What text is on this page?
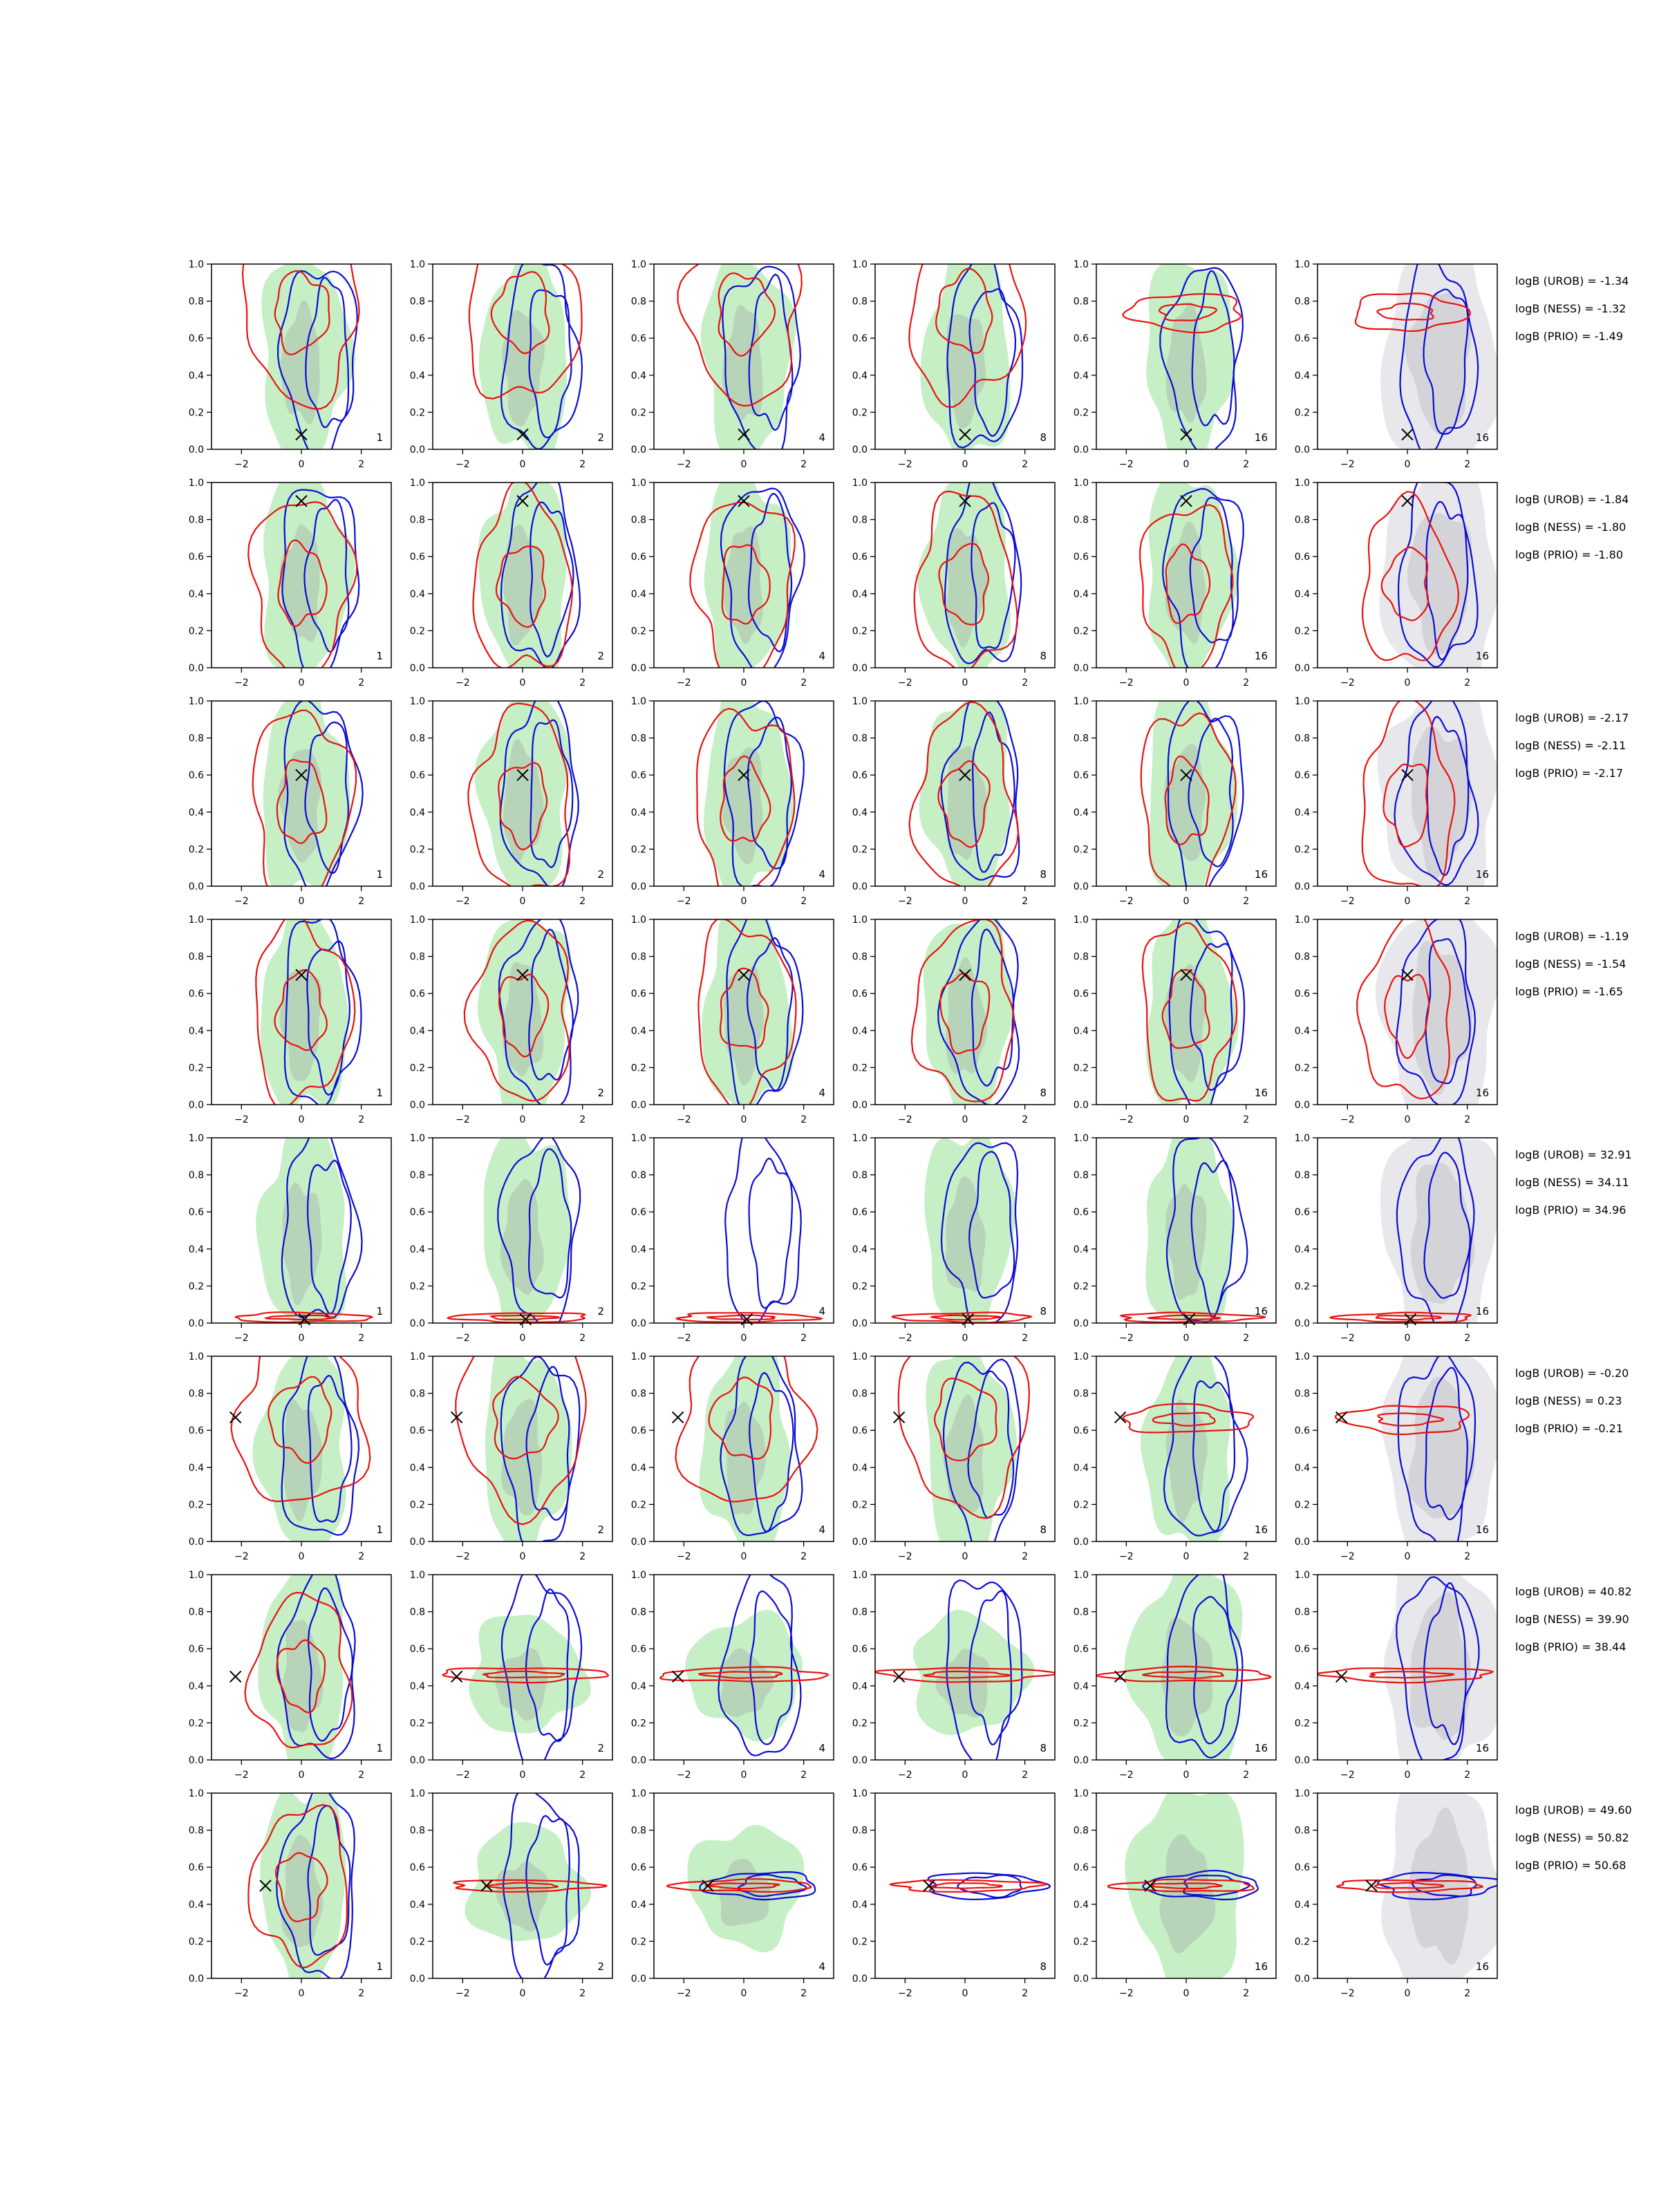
−2	0	2
0.0
0.2
0.4
0.6
0.8
1.0
1
−2	0	2
0.0
0.2
0.4
0.6
0.8
1.0
2
−2	0	2
0.0
0.2
0.4
0.6
0.8
1.0
4
−2	0	2
0.0
0.2
0.4
0.6
0.8
1.0
8
−2	0	2
0.0
0.2
0.4
0.6
0.8
1.0
16
−2	0	2
0.0
0.2
0.4
0.6
0.8
1.0
16
logB (UROB) = -1.34
logB (NESS) = -1.32
logB (PRIO) = -1.49
−2	0	2
0.0
0.2
0.4
0.6
0.8
1.0
1
−2	0	2
0.0
0.2
0.4
0.6
0.8
1.0
2
−2	0	2
0.0
0.2
0.4
0.6
0.8
1.0
4
−2	0	2
0.0
0.2
0.4
0.6
0.8
1.0
8
−2	0	2
0.0
0.2
0.4
0.6
0.8
1.0
16
−2	0	2
0.0
0.2
0.4
0.6
0.8
1.0
16
logB (UROB) = -1.84
logB (NESS) = -1.80
logB (PRIO) = -1.80
−2	0	2
0.0
0.2
0.4
0.6
0.8
1.0
1
−2	0	2
0.0
0.2
0.4
0.6
0.8
1.0
2
−2	0	2
0.0
0.2
0.4
0.6
0.8
1.0
4
−2	0	2
0.0
0.2
0.4
0.6
0.8
1.0
8
−2	0	2
0.0
0.2
0.4
0.6
0.8
1.0
16
−2	0	2
0.0
0.2
0.4
0.6
0.8
1.0
16
logB (UROB) = -2.17
logB (NESS) = -2.11
logB (PRIO) = -2.17
−2	0	2
0.0
0.2
0.4
0.6
0.8
1.0
1
−2	0	2
0.0
0.2
0.4
0.6
0.8
1.0
2
−2	0	2
0.0
0.2
0.4
0.6
0.8
1.0
4
−2	0	2
0.0
0.2
0.4
0.6
0.8
1.0
8
−2	0	2
0.0
0.2
0.4
0.6
0.8
1.0
16
−2	0	2
0.0
0.2
0.4
0.6
0.8
1.0
16
logB (UROB) = -1.19
logB (NESS) = -1.54
logB (PRIO) = -1.65
−2	0	2
0.0
0.2
0.4
0.6
0.8
1.0
1
−2	0	2
0.0
0.2
0.4
0.6
0.8
1.0
2
−2	0	2
0.0
0.2
0.4
0.6
0.8
1.0
4
−2	0	2
0.0
0.2
0.4
0.6
0.8
1.0
8
−2	0	2
0.0
0.2
0.4
0.6
0.8
1.0
16
−2	0	2
0.0
0.2
0.4
0.6
0.8
1.0
16
logB (UROB) = 32.91
logB (NESS) = 34.11
logB (PRIO) = 34.96
−2	0	2
0.0
0.2
0.4
0.6
0.8
1.0
1
−2	0	2
0.0
0.2
0.4
0.6
0.8
1.0
2
−2	0	2
0.0
0.2
0.4
0.6
0.8
1.0
4
−2	0	2
0.0
0.2
0.4
0.6
0.8
1.0
8
−2	0	2
0.0
0.2
0.4
0.6
0.8
1.0
16
−2	0	2
0.0
0.2
0.4
0.6
0.8
1.0
16
logB (UROB) = -0.20
logB (NESS) = 0.23
logB (PRIO) = -0.21
−2	0	2
0.0
0.2
0.4
0.6
0.8
1.0
1
−2	0	2
0.0
0.2
0.4
0.6
0.8
1.0
2
−2	0	2
0.0
0.2
0.4
0.6
0.8
1.0
4
−2	0	2
0.0
0.2
0.4
0.6
0.8
1.0
8
−2	0	2
0.0
0.2
0.4
0.6
0.8
1.0
16
−2	0	2
0.0
0.2
0.4
0.6
0.8
1.0
16
logB (UROB) = 40.82
logB (NESS) = 39.90
logB (PRIO) = 38.44
−2	0	2
0.0
0.2
0.4
0.6
0.8
1.0
1
−2	0	2
0.0
0.2
0.4
0.6
0.8
1.0
2
−2	0	2
0.0
0.2
0.4
0.6
0.8
1.0
4
−2	0	2
0.0
0.2
0.4
0.6
0.8
1.0
8
−2	0	2
0.0
0.2
0.4
0.6
0.8
1.0
16
−2	0	2
0.0
0.2
0.4
0.6
0.8
1.0
16
logB (UROB) = 49.60
logB (NESS) = 50.82
logB (PRIO) = 50.68
